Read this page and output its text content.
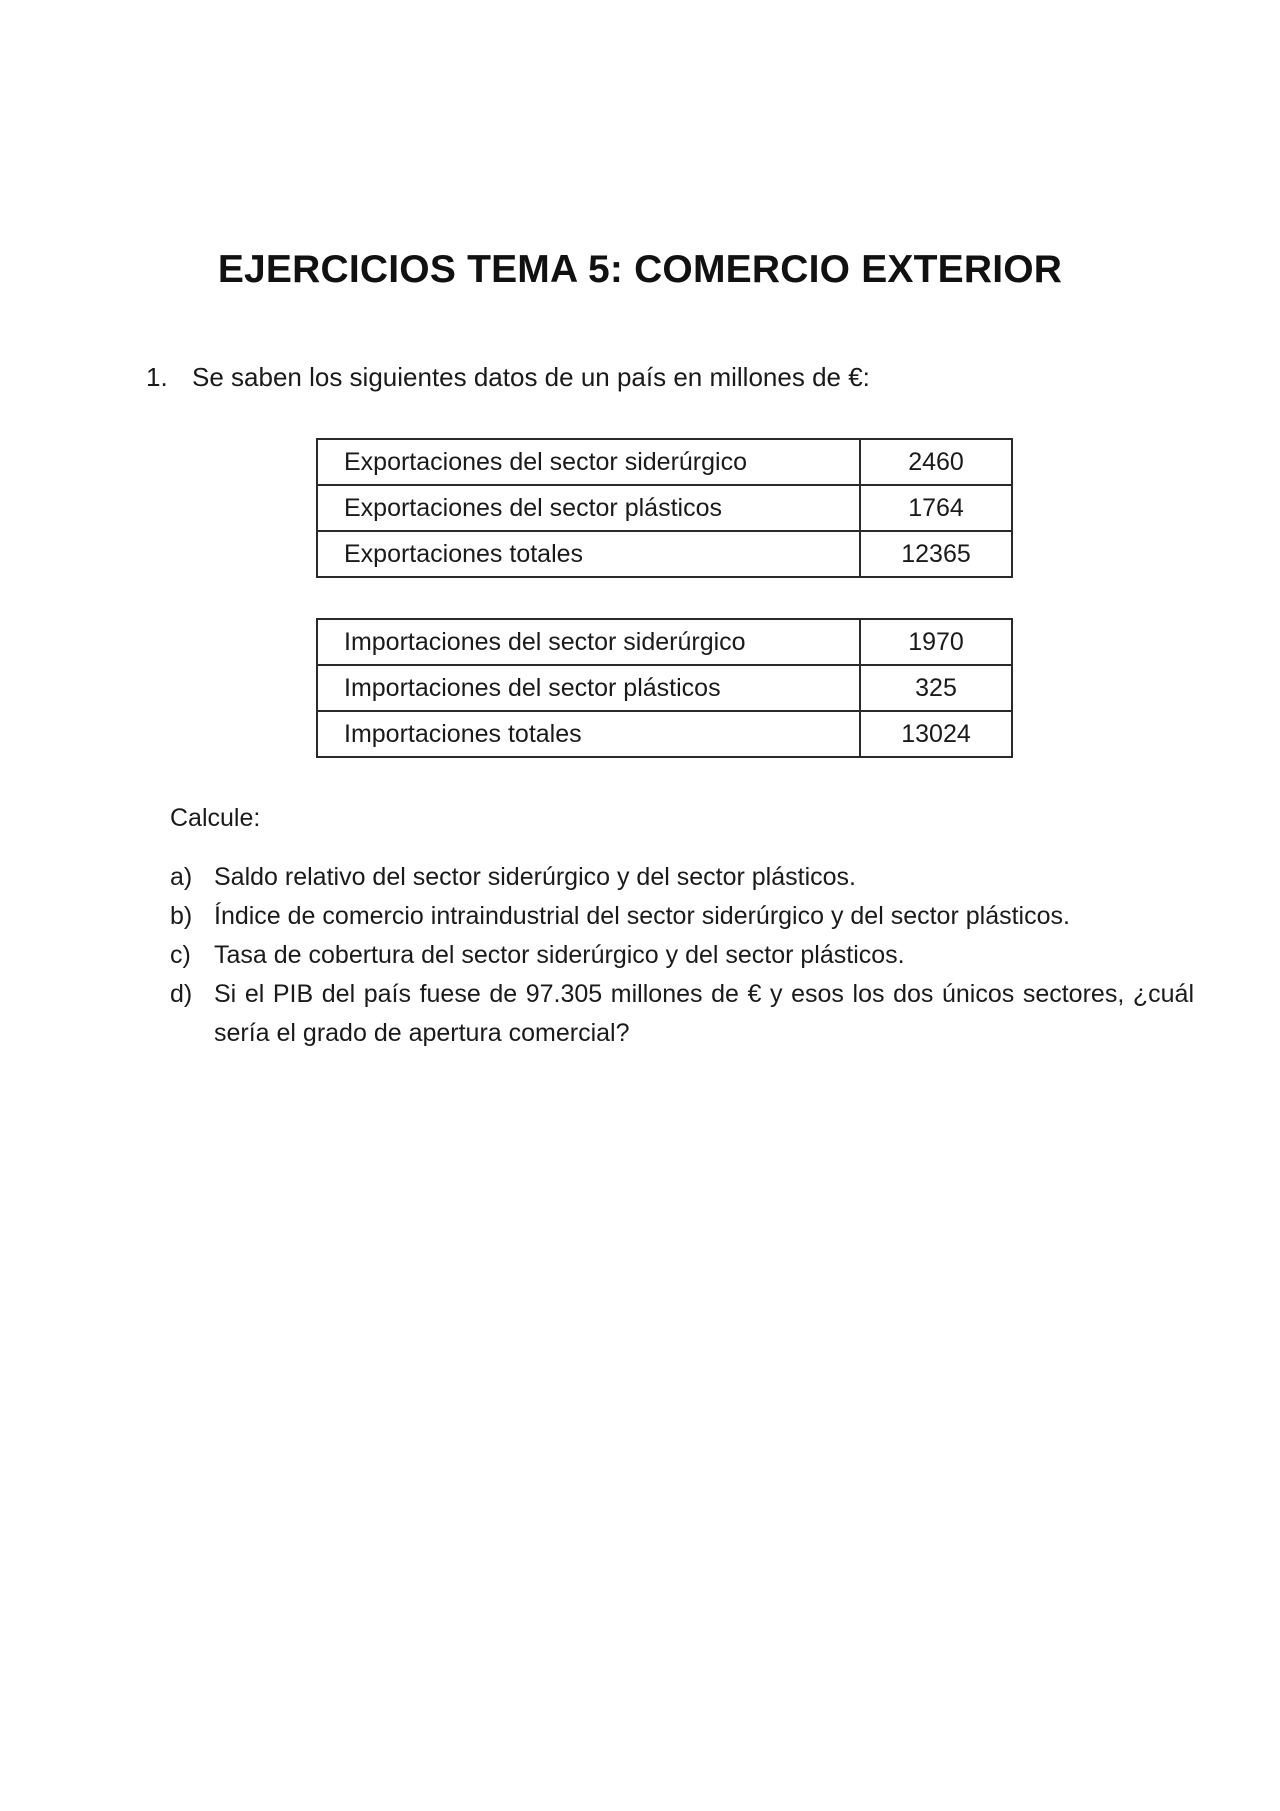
EJERCICIOS TEMA 5: COMERCIO EXTERIOR
1. Se saben los siguientes datos de un país en millones de €:
Exportaciones del sector siderúrgico	2460
Exportaciones del sector plásticos	1764
Exportaciones totales	12365
Importaciones del sector siderúrgico	1970
Importaciones del sector plásticos	325
Importaciones totales	13024
Calcule:
a) Saldo relativo del sector siderúrgico y del sector plásticos.
b) Índice de comercio intraindustrial del sector siderúrgico y del sector plásticos.
c) Tasa de cobertura del sector siderúrgico y del sector plásticos.
d) Si el PIB del país fuese de 97.305 millones de € y esos los dos únicos sectores, ¿cuál sería el grado de apertura comercial?
